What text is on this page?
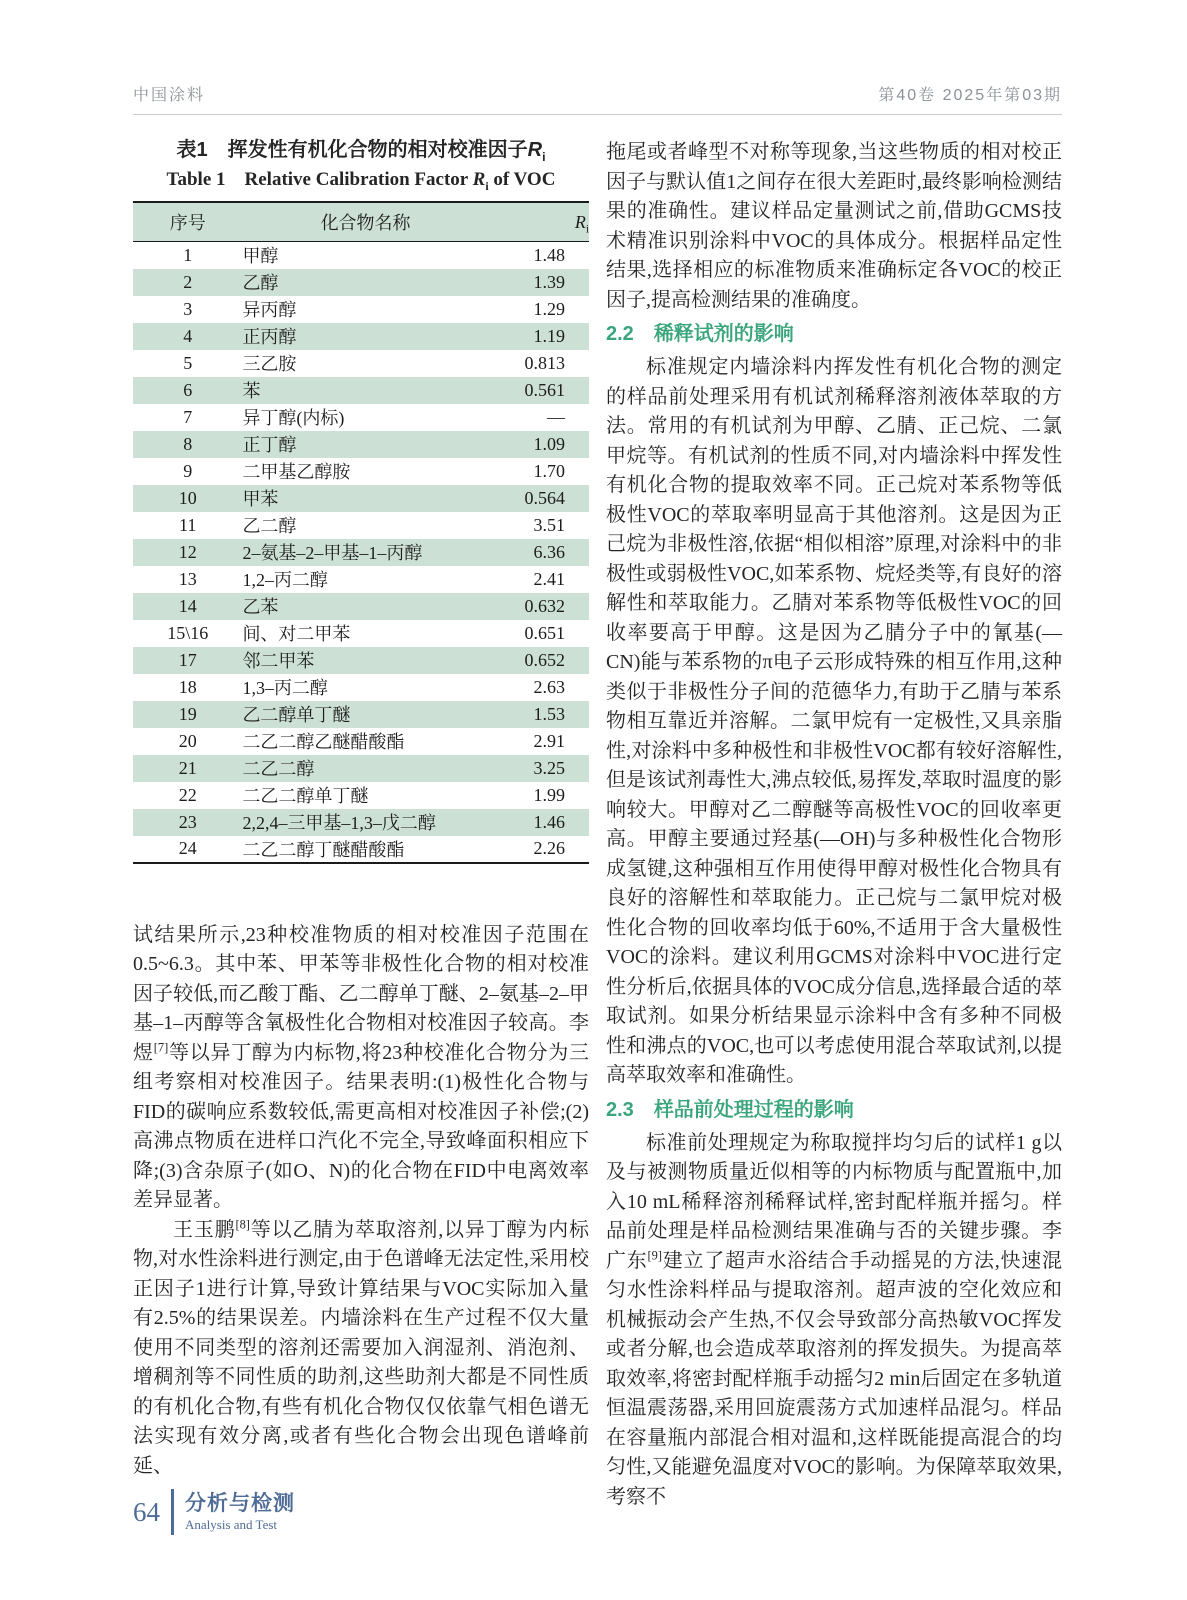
中国涂料	第40卷 2025年第03期
表1　挥发性有机化合物的相对校准因子$R_i$
Table 1　Relative Calibration Factor $R_i$ of VOC
序号	化合物名称	$R_i$
1	甲醇	1.48
2	乙醇	1.39
3	异丙醇	1.29
4	正丙醇	1.19
5	三乙胺	0.813
6	苯	0.561
7	异丁醇(内标)	—
8	正丁醇	1.09
9	二甲基乙醇胺	1.70
10	甲苯	0.564
11	乙二醇	3.51
12	2–氨基–2–甲基–1–丙醇	6.36
13	1,2–丙二醇	2.41
14	乙苯	0.632
15\16	间、对二甲苯	0.651
17	邻二甲苯	0.652
18	1,3–丙二醇	2.63
19	乙二醇单丁醚	1.53
20	二乙二醇乙醚醋酸酯	2.91
21	二乙二醇	3.25
22	二乙二醇单丁醚	1.99
23	2,2,4–三甲基–1,3–戊二醇	1.46
24	二乙二醇丁醚醋酸酯	2.26

试结果所示,23种校准物质的相对校准因子范围在0.5~6.3。其中苯、甲苯等非极性化合物的相对校准因子较低,而乙酸丁酯、乙二醇单丁醚、2–氨基–2–甲基–1–丙醇等含氧极性化合物相对校准因子较高。李煜[7]等以异丁醇为内标物,将23种校准化合物分为三组考察相对校准因子。结果表明:(1)极性化合物与FID的碳响应系数较低,需更高相对校准因子补偿;(2)高沸点物质在进样口汽化不完全,导致峰面积相应下降;(3)含杂原子(如O、N)的化合物在FID中电离效率差异显著。

王玉鹏[8]等以乙腈为萃取溶剂,以异丁醇为内标物,对水性涂料进行测定,由于色谱峰无法定性,采用校正因子1进行计算,导致计算结果与VOC实际加入量有2.5%的结果误差。内墙涂料在生产过程不仅大量使用不同类型的溶剂还需要加入润湿剂、消泡剂、增稠剂等不同性质的助剂,这些助剂大都是不同性质的有机化合物,有些有机化合物仅仅依靠气相色谱无法实现有效分离,或者有些化合物会出现色谱峰前延、

拖尾或者峰型不对称等现象,当这些物质的相对校正因子与默认值1之间存在很大差距时,最终影响检测结果的准确性。建议样品定量测试之前,借助GCMS技术精准识别涂料中VOC的具体成分。根据样品定性结果,选择相应的标准物质来准确标定各VOC的校正因子,提高检测结果的准确度。

2.2 稀释试剂的影响

标准规定内墙涂料内挥发性有机化合物的测定的样品前处理采用有机试剂稀释溶剂液体萃取的方法。常用的有机试剂为甲醇、乙腈、正己烷、二氯甲烷等。有机试剂的性质不同,对内墙涂料中挥发性有机化合物的提取效率不同。正己烷对苯系物等低极性VOC的萃取率明显高于其他溶剂。这是因为正己烷为非极性溶,依据“相似相溶”原理,对涂料中的非极性或弱极性VOC,如苯系物、烷烃类等,有良好的溶解性和萃取能力。乙腈对苯系物等低极性VOC的回收率要高于甲醇。这是因为乙腈分子中的氰基(—CN)能与苯系物的π电子云形成特殊的相互作用,这种类似于非极性分子间的范德华力,有助于乙腈与苯系物相互靠近并溶解。二氯甲烷有一定极性,又具亲脂性,对涂料中多种极性和非极性VOC都有较好溶解性,但是该试剂毒性大,沸点较低,易挥发,萃取时温度的影响较大。甲醇对乙二醇醚等高极性VOC的回收率更高。甲醇主要通过羟基(—OH)与多种极性化合物形成氢键,这种强相互作用使得甲醇对极性化合物具有良好的溶解性和萃取能力。正己烷与二氯甲烷对极性化合物的回收率均低于60%,不适用于含大量极性VOC的涂料。建议利用GCMS对涂料中VOC进行定性分析后,依据具体的VOC成分信息,选择最合适的萃取试剂。如果分析结果显示涂料中含有多种不同极性和沸点的VOC,也可以考虑使用混合萃取试剂,以提高萃取效率和准确性。

2.3 样品前处理过程的影响

标准前处理规定为称取搅拌均匀后的试样1 g以及与被测物质量近似相等的内标物质与配置瓶中,加入10 mL稀释溶剂稀释试样,密封配样瓶并摇匀。样品前处理是样品检测结果准确与否的关键步骤。李广东[9]建立了超声水浴结合手动摇晃的方法,快速混匀水性涂料样品与提取溶剂。超声波的空化效应和机械振动会产生热,不仅会导致部分高热敏VOC挥发或者分解,也会造成萃取溶剂的挥发损失。为提高萃取效率,将密封配样瓶手动摇匀2 min后固定在多轨道恒温震荡器,采用回旋震荡方式加速样品混匀。样品在容量瓶内部混合相对温和,这样既能提高混合的均匀性,又能避免温度对VOC的影响。为保障萃取效果,考察不

64 分析与检测
Analysis and Test
